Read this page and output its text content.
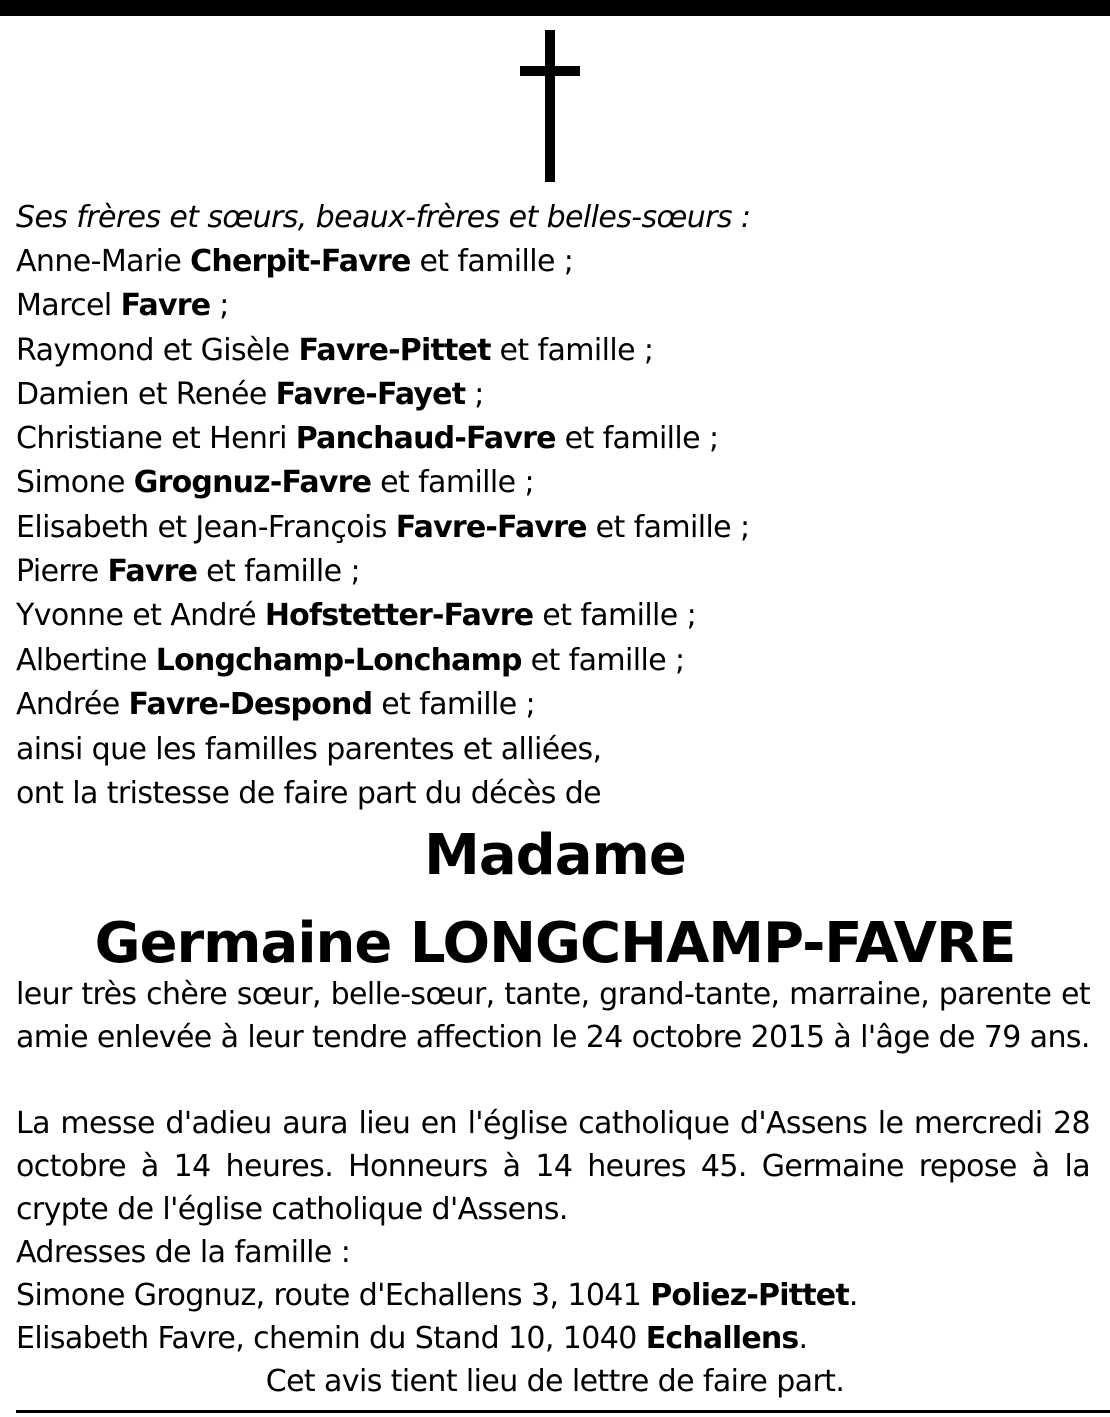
Ses frères et sœurs, beaux-frères et belles-sœurs :
Anne-Marie Cherpit-Favre et famille ;
Marcel Favre ;
Raymond et Gisèle Favre-Pittet et famille ;
Damien et Renée Favre-Fayet ;
Christiane et Henri Panchaud-Favre et famille ;
Simone Grognuz-Favre et famille ;
Elisabeth et Jean-François Favre-Favre et famille ;
Pierre Favre et famille ;
Yvonne et André Hofstetter-Favre et famille ;
Albertine Longchamp-Lonchamp et famille ;
Andrée Favre-Despond et famille ;
ainsi que les familles parentes et alliées,
ont la tristesse de faire part du décès de
Madame
Germaine LONGCHAMP-FAVRE
leur très chère sœur, belle-sœur, tante, grand-tante, marraine, parente et amie enlevée à leur tendre affection le 24 octobre 2015 à l'âge de 79 ans.
La messe d'adieu aura lieu en l'église catholique d'Assens le mercredi 28 octobre à 14 heures. Honneurs à 14 heures 45. Germaine repose à la crypte de l'église catholique d'Assens.
Adresses de la famille :
Simone Grognuz, route d'Echallens 3, 1041 Poliez-Pittet.
Elisabeth Favre, chemin du Stand 10, 1040 Echallens.
Cet avis tient lieu de lettre de faire part.
